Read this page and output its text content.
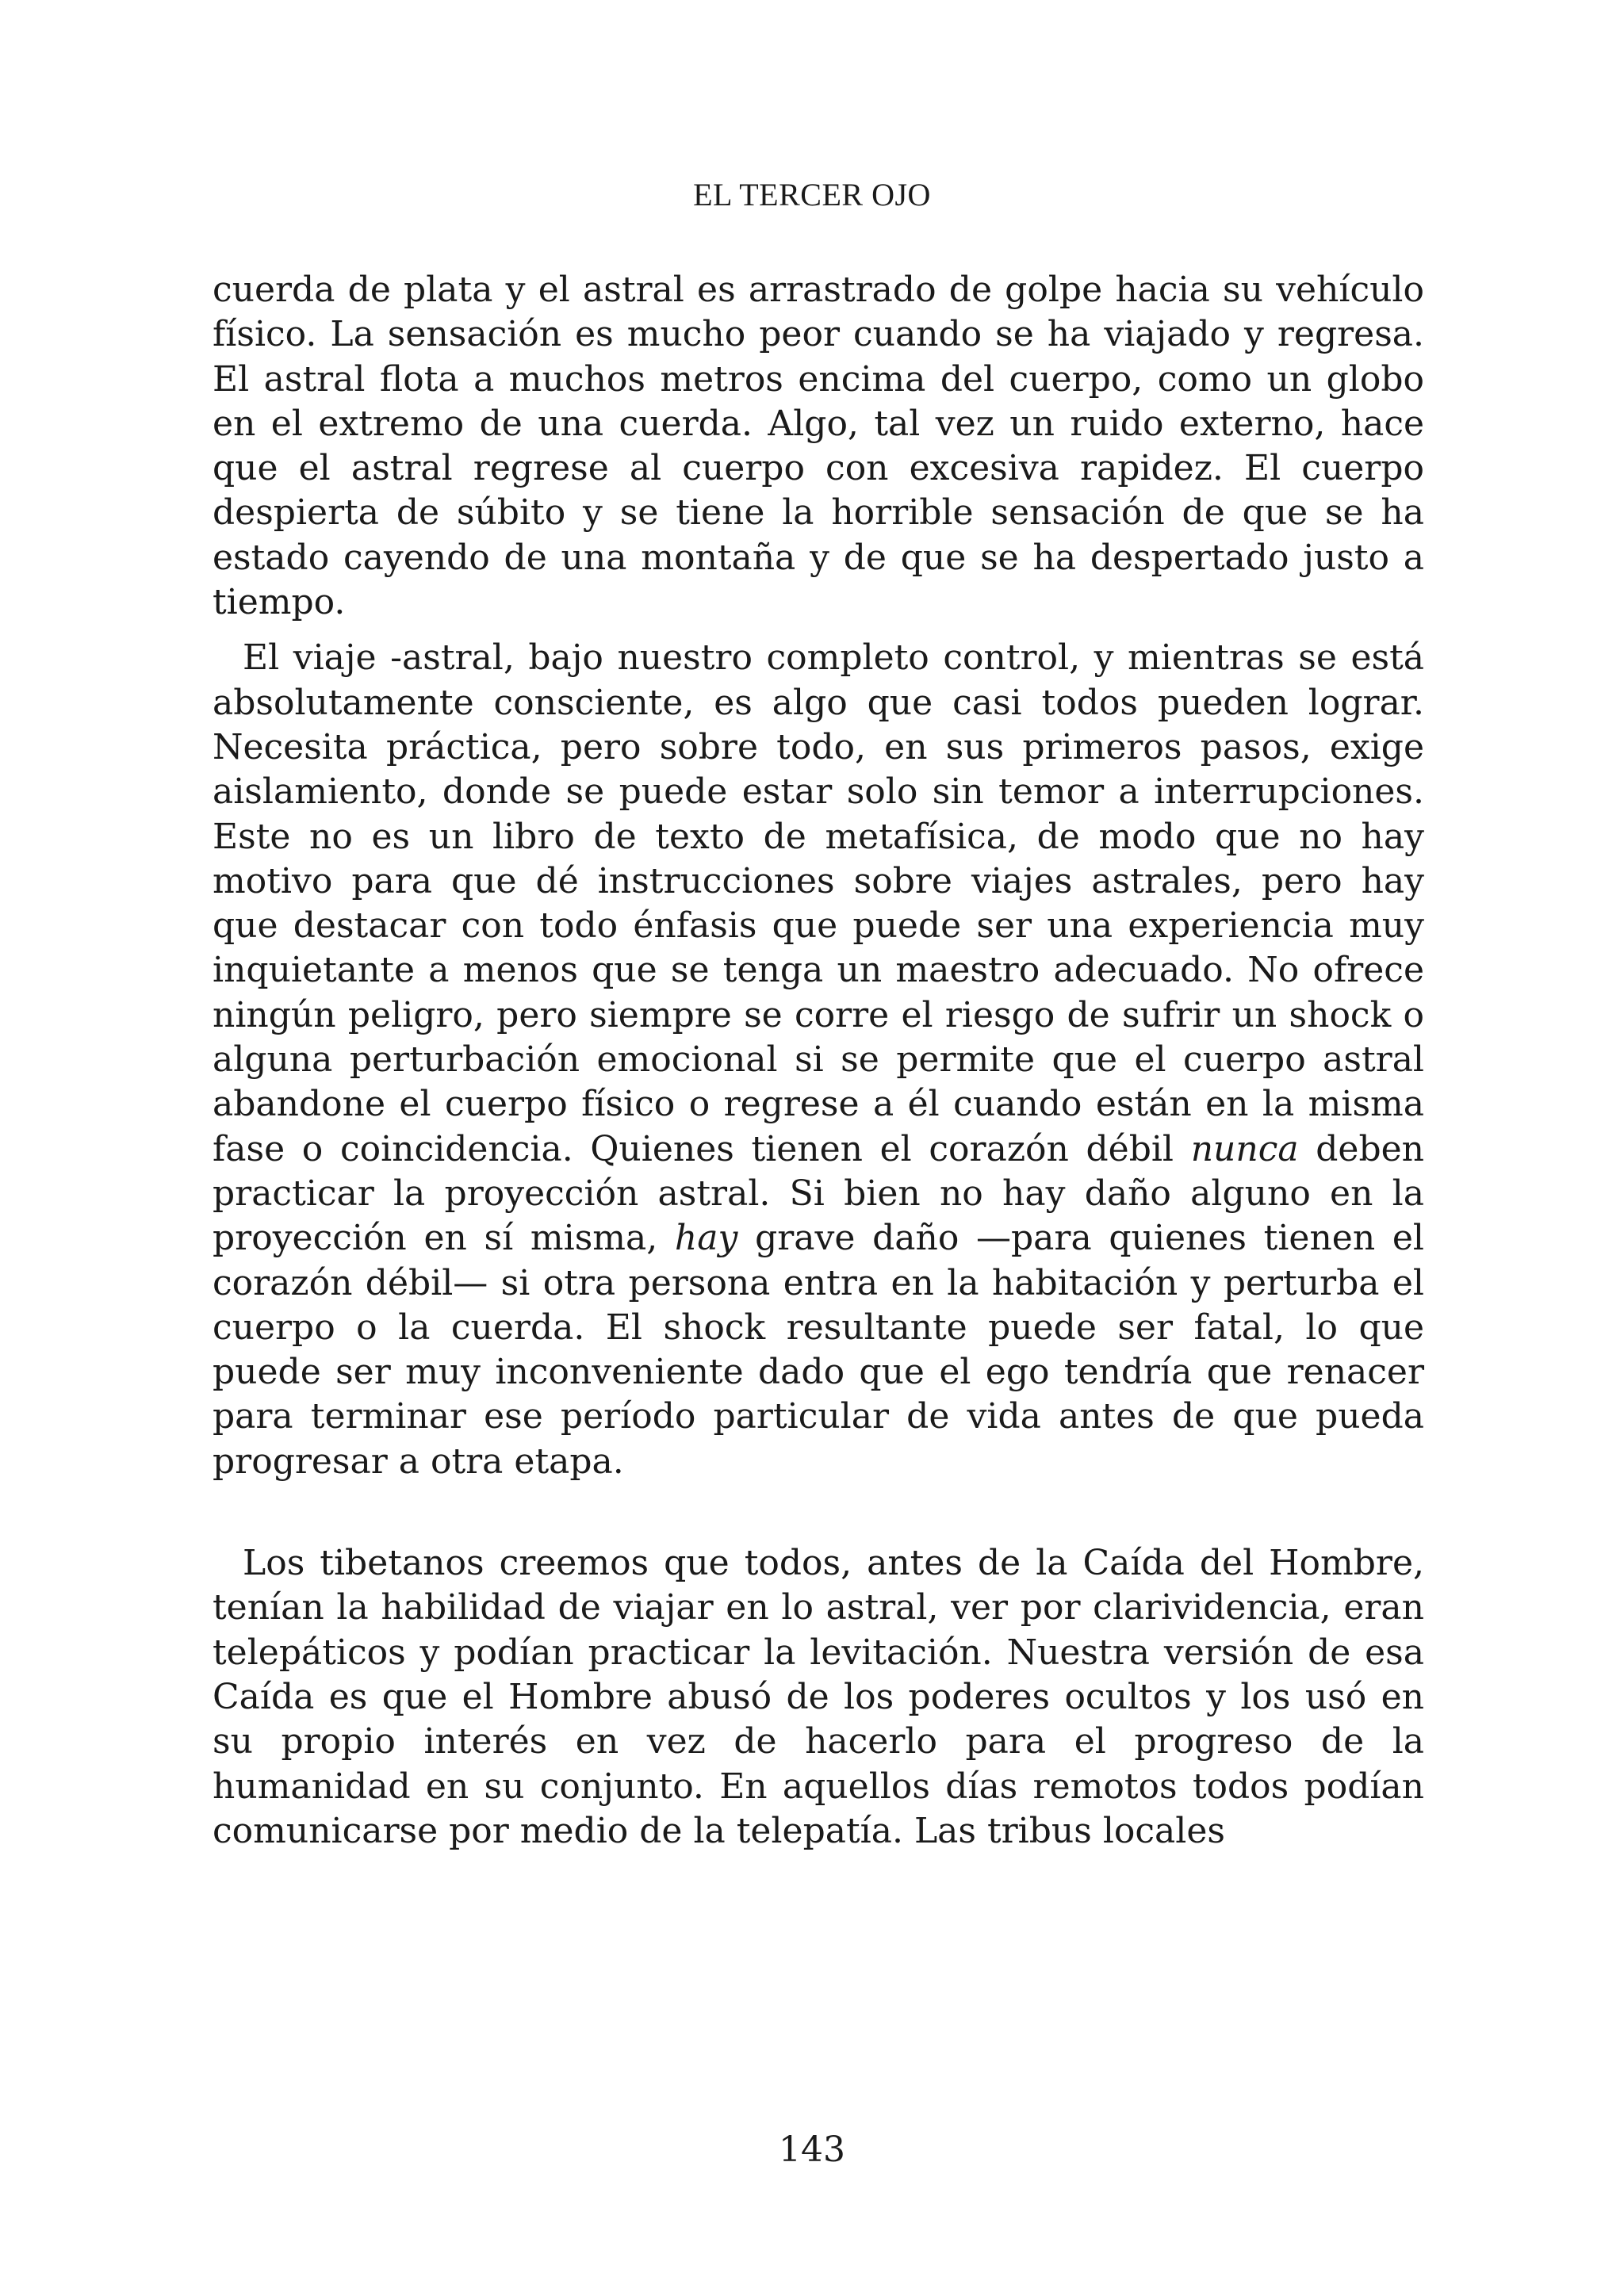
EL TERCER OJO

cuerda de plata y el astral es arrastrado de golpe hacia su vehículo físico. La sensación es mucho peor cuando se ha viajado y regresa. El astral flota a muchos metros encima del cuerpo, como un globo en el extremo de una cuerda. Algo, tal vez un ruido externo, hace que el astral regrese al cuerpo con excesiva rapidez. El cuerpo despierta de súbito y se tiene la horrible sensación de que se ha estado cayendo de una montaña y de que se ha despertado justo a tiempo.

El viaje -astral, bajo nuestro completo control, y mientras se está absolutamente consciente, es algo que casi todos pueden lograr. Necesita práctica, pero sobre todo, en sus primeros pasos, exige aislamiento, donde se puede estar solo sin temor a interrupciones. Este no es un libro de texto de metafísica, de modo que no hay motivo para que dé instrucciones sobre viajes astrales, pero hay que destacar con todo énfasis que puede ser una experiencia muy inquietante a menos que se tenga un maestro adecuado. No ofrece ningún peligro, pero siempre se corre el riesgo de sufrir un shock o alguna perturbación emocional si se permite que el cuerpo astral abandone el cuerpo físico o regrese a él cuando están en la misma fase o coincidencia. Quienes tienen el corazón débil nunca deben practicar la proyección astral. Si bien no hay daño alguno en la proyección en sí misma, hay grave daño —para quienes tienen el corazón débil— si otra persona entra en la habitación y perturba el cuerpo o la cuerda. El shock resultante puede ser fatal, lo que puede ser muy inconveniente dado que el ego tendría que renacer para terminar ese período particular de vida antes de que pueda progresar a otra etapa.

Los tibetanos creemos que todos, antes de la Caída del Hombre, tenían la habilidad de viajar en lo astral, ver por clarividencia, eran telepáticos y podían practicar la levitación. Nuestra versión de esa Caída es que el Hombre abusó de los poderes ocultos y los usó en su propio interés en vez de hacerlo para el progreso de la humanidad en su conjunto. En aquellos días remotos todos podían comunicarse por medio de la telepatía. Las tribus locales

143
